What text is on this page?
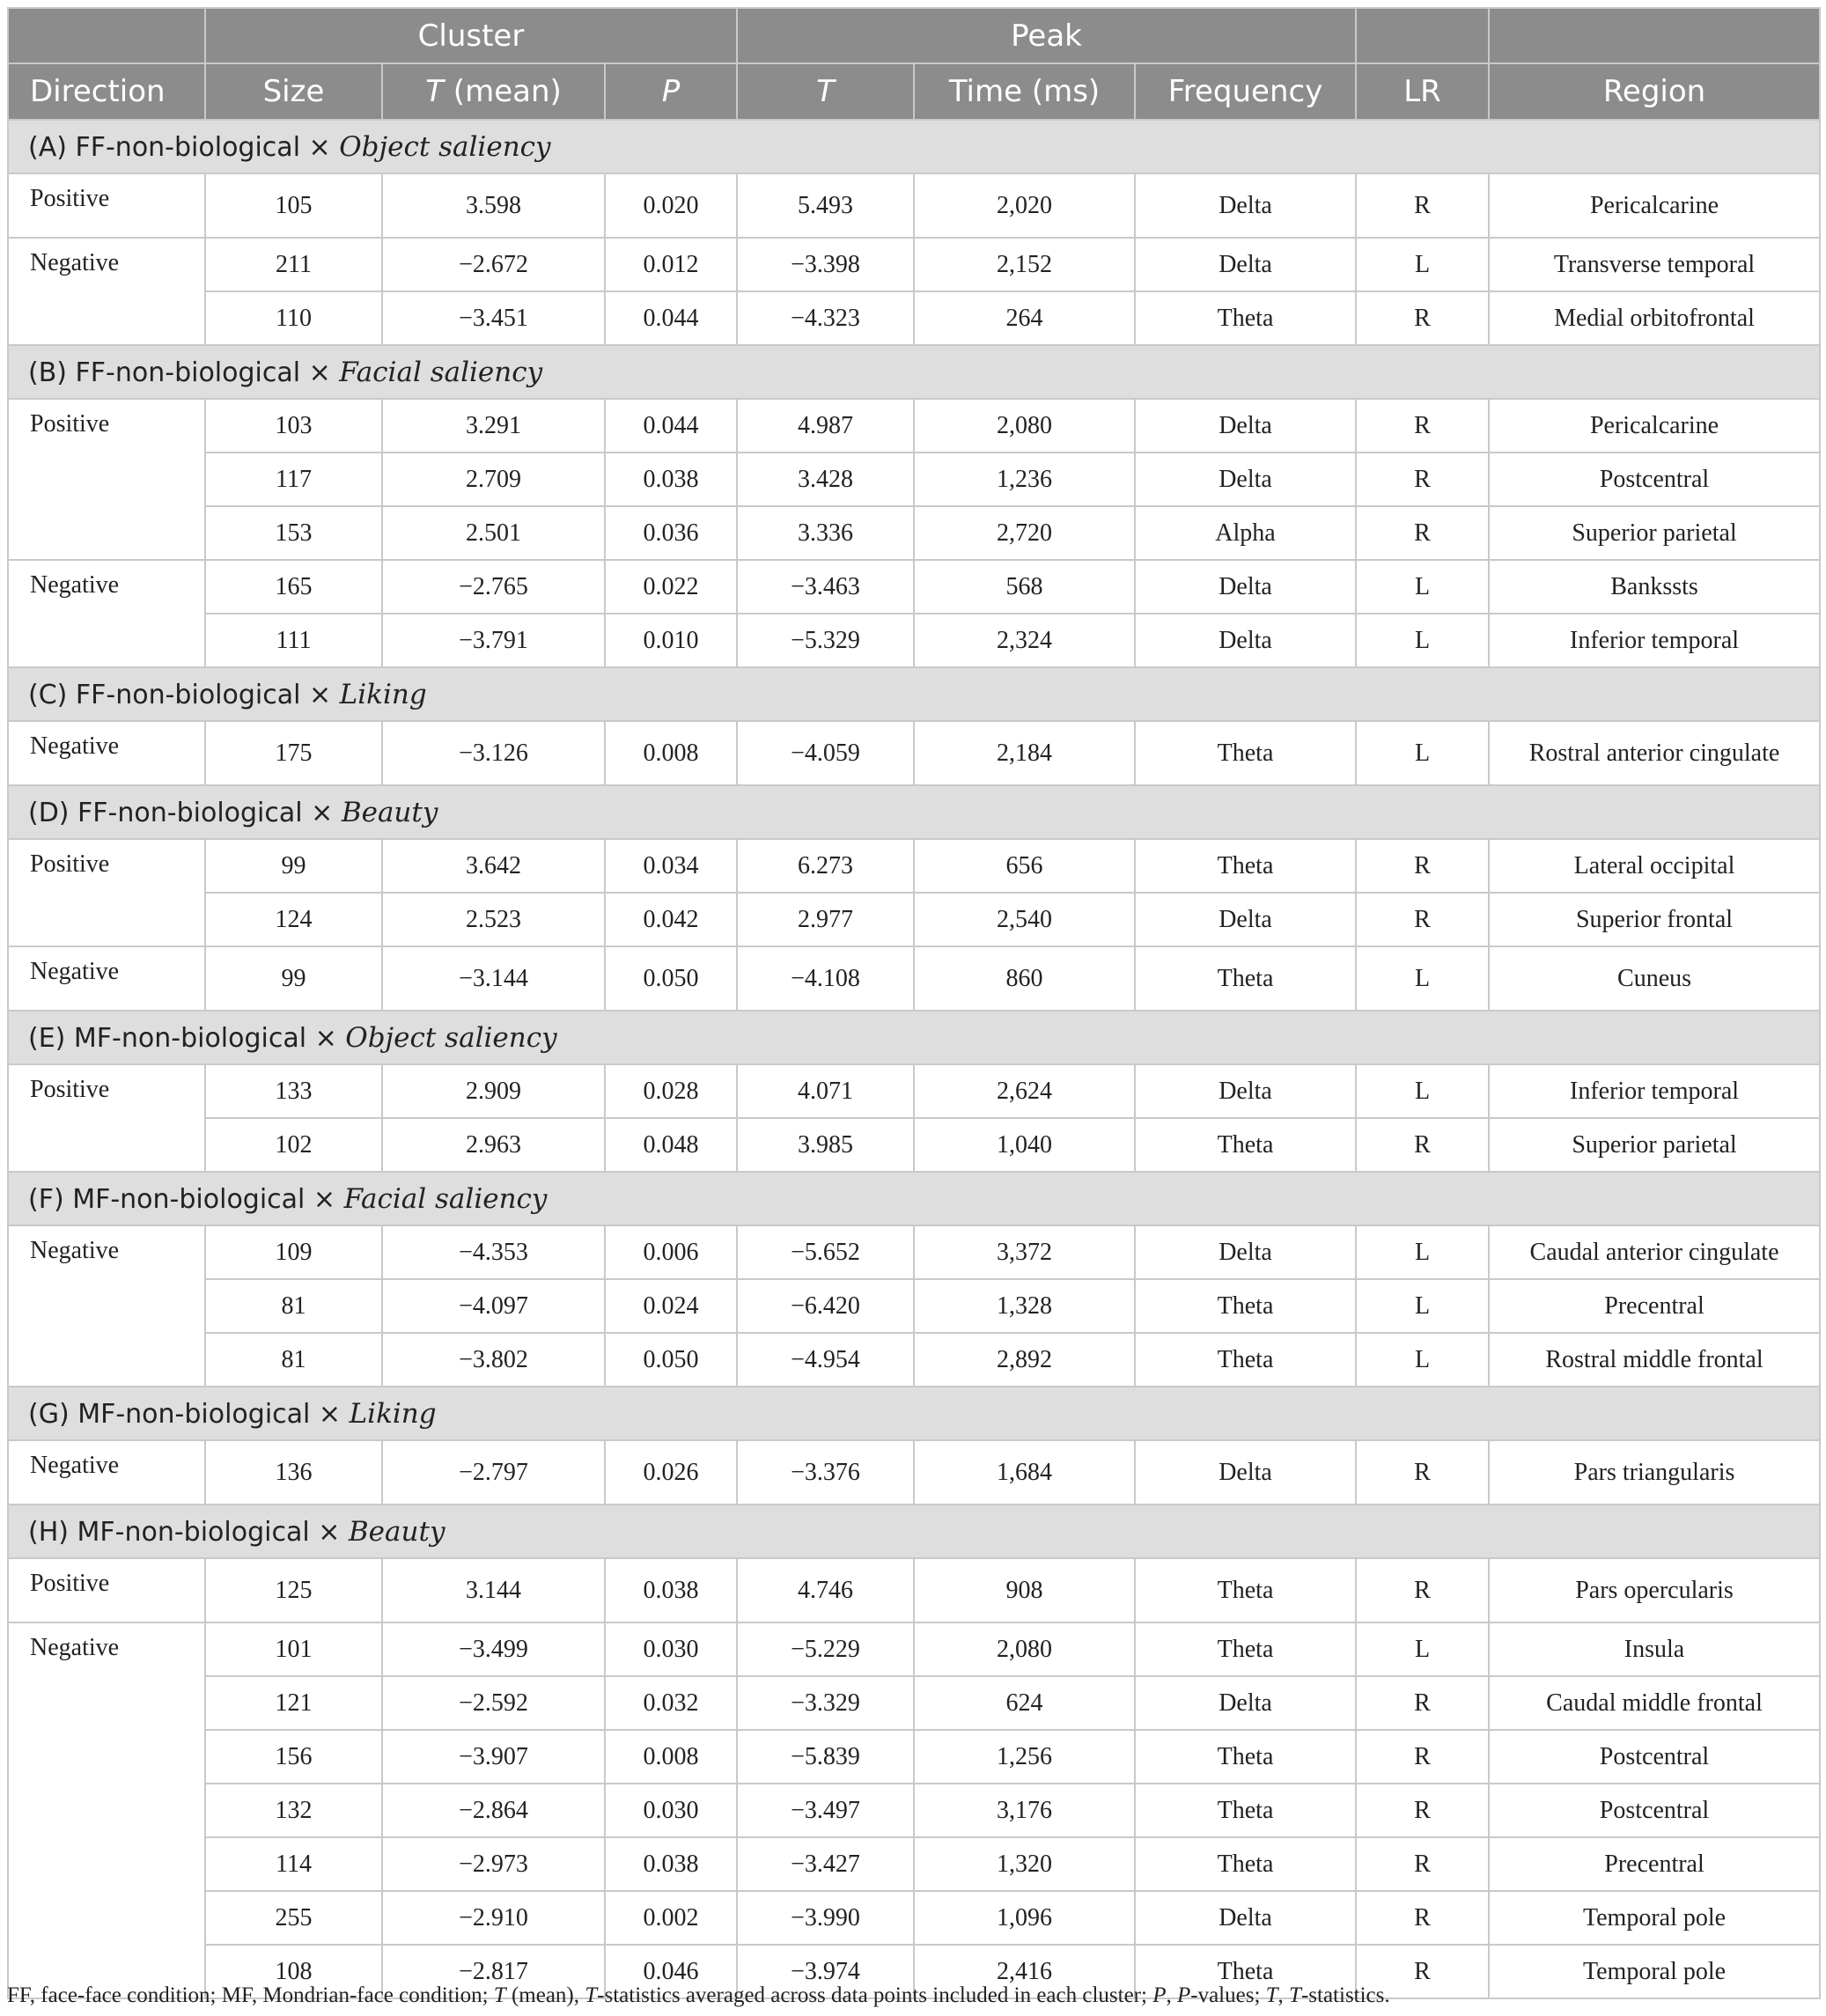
	Cluster			Peak				
Direction	Size	T (mean)	P	T	Time (ms)	Frequency	LR	Region
(A) FF-non-biological × Object saliency								
Positive	105	3.598	0.020	5.493	2,020	Delta	R	Pericalcarine
Negative	211	−2.672	0.012	−3.398	2,152	Delta	L	Transverse temporal
	110	−3.451	0.044	−4.323	264	Theta	R	Medial orbitofrontal
(B) FF-non-biological × Facial saliency								
Positive	103	3.291	0.044	4.987	2,080	Delta	R	Pericalcarine
	117	2.709	0.038	3.428	1,236	Delta	R	Postcentral
	153	2.501	0.036	3.336	2,720	Alpha	R	Superior parietal
Negative	165	−2.765	0.022	−3.463	568	Delta	L	Bankssts
	111	−3.791	0.010	−5.329	2,324	Delta	L	Inferior temporal
(C) FF-non-biological × Liking								
Negative	175	−3.126	0.008	−4.059	2,184	Theta	L	Rostral anterior cingulate
(D) FF-non-biological × Beauty								
Positive	99	3.642	0.034	6.273	656	Theta	R	Lateral occipital
	124	2.523	0.042	2.977	2,540	Delta	R	Superior frontal
Negative	99	−3.144	0.050	−4.108	860	Theta	L	Cuneus
(E) MF-non-biological × Object saliency								
Positive	133	2.909	0.028	4.071	2,624	Delta	L	Inferior temporal
	102	2.963	0.048	3.985	1,040	Theta	R	Superior parietal
(F) MF-non-biological × Facial saliency								
Negative	109	−4.353	0.006	−5.652	3,372	Delta	L	Caudal anterior cingulate
	81	−4.097	0.024	−6.420	1,328	Theta	L	Precentral
	81	−3.802	0.050	−4.954	2,892	Theta	L	Rostral middle frontal
(G) MF-non-biological × Liking								
Negative	136	−2.797	0.026	−3.376	1,684	Delta	R	Pars triangularis
(H) MF-non-biological × Beauty								
Positive	125	3.144	0.038	4.746	908	Theta	R	Pars opercularis
Negative	101	−3.499	0.030	−5.229	2,080	Theta	L	Insula
	121	−2.592	0.032	−3.329	624	Delta	R	Caudal middle frontal
	156	−3.907	0.008	−5.839	1,256	Theta	R	Postcentral
	132	−2.864	0.030	−3.497	3,176	Theta	R	Postcentral
	114	−2.973	0.038	−3.427	1,320	Theta	R	Precentral
	255	−2.910	0.002	−3.990	1,096	Delta	R	Temporal pole
	108	−2.817	0.046	−3.974	2,416	Theta	R	Temporal pole
FF, face-face condition; MF, Mondrian-face condition; T (mean), T-statistics averaged across data points included in each cluster; P, P-values; T, T-statistics.
